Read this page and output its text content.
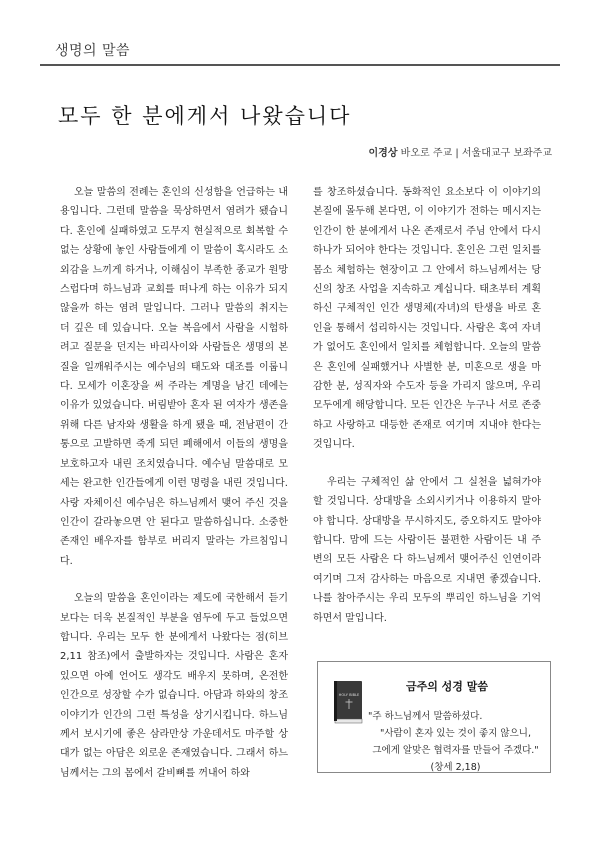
생명의 말씀
모두 한 분에게서 나왔습니다
이경상 바오로 주교 | 서울대교구 보좌주교

오늘 말씀의 전례는 혼인의 신성함을 언급하는 내용입니다. 그런데 말씀을 묵상하면서 염려가 됐습니다. 혼인에 실패하였고 도무지 현실적으로 회복할 수 없는 상황에 놓인 사람들에게 이 말씀이 혹시라도 소외감을 느끼게 하거나, 이해심이 부족한 종교가 원망스럽다며 하느님과 교회를 떠나게 하는 이유가 되지 않을까 하는 염려 말입니다. 그러나 말씀의 취지는 더 깊은 데 있습니다. 오늘 복음에서 사람을 시험하려고 질문을 던지는 바리사이와 사람들은 생명의 본질을 일깨워주시는 예수님의 태도와 대조를 이룹니다. 모세가 이혼장을 써 주라는 계명을 남긴 데에는 이유가 있었습니다. 버림받아 혼자 된 여자가 생존을 위해 다른 남자와 생활을 하게 됐을 때, 전남편이 간통으로 고발하면 죽게 되던 폐해에서 이들의 생명을 보호하고자 내린 조치였습니다. 예수님 말씀대로 모세는 완고한 인간들에게 이런 명령을 내린 것입니다. 사랑 자체이신 예수님은 하느님께서 맺어 주신 것을 인간이 갈라놓으면 안 된다고 말씀하십니다. 소중한 존재인 배우자를 함부로 버리지 말라는 가르침입니다.

오늘의 말씀을 혼인이라는 제도에 국한해서 듣기보다는 더욱 본질적인 부분을 염두에 두고 들었으면 합니다. 우리는 모두 한 분에게서 나왔다는 점(히브 2,11 참조)에서 출발하자는 것입니다. 사람은 혼자 있으면 아예 언어도 생각도 배우지 못하며, 온전한 인간으로 성장할 수가 없습니다. 아담과 하와의 창조 이야기가 인간의 그런 특성을 상기시킵니다. 하느님께서 보시기에 좋은 삼라만상 가운데서도 마주할 상대가 없는 아담은 외로운 존재였습니다. 그래서 하느님께서는 그의 몸에서 갈비뼈를 꺼내어 하와

를 창조하셨습니다. 동화적인 요소보다 이 이야기의 본질에 몰두해 본다면, 이 이야기가 전하는 메시지는 인간이 한 분에게서 나온 존재로서 주님 안에서 다시 하나가 되어야 한다는 것입니다. 혼인은 그런 일치를 몸소 체험하는 현장이고 그 안에서 하느님께서는 당신의 창조 사업을 지속하고 계십니다. 태초부터 계획하신 구체적인 인간 생명체(자녀)의 탄생을 바로 혼인을 통해서 섭리하시는 것입니다. 사람은 혹여 자녀가 없어도 혼인에서 일치를 체험합니다. 오늘의 말씀은 혼인에 실패했거나 사별한 분, 미혼으로 생을 마감한 분, 성직자와 수도자 등을 가리지 않으며, 우리 모두에게 해당합니다. 모든 인간은 누구나 서로 존중하고 사랑하고 대등한 존재로 여기며 지내야 한다는 것입니다.

우리는 구체적인 삶 안에서 그 실천을 넓혀가야 할 것입니다. 상대방을 소외시키거나 이용하지 말아야 합니다. 상대방을 무시하지도, 증오하지도 말아야 합니다. 맘에 드는 사람이든 불편한 사람이든 내 주변의 모든 사람은 다 하느님께서 맺어주신 인연이라 여기며 그저 감사하는 마음으로 지내면 좋겠습니다. 나를 참아주시는 우리 모두의 뿌리인 하느님을 기억하면서 말입니다.

HOLY BIBLE
금주의 성경 말씀
"주 하느님께서 말씀하셨다.
"사람이 혼자 있는 것이 좋지 않으니,
그에게 알맞은 협력자를 만들어 주겠다."
(창세 2,18)
